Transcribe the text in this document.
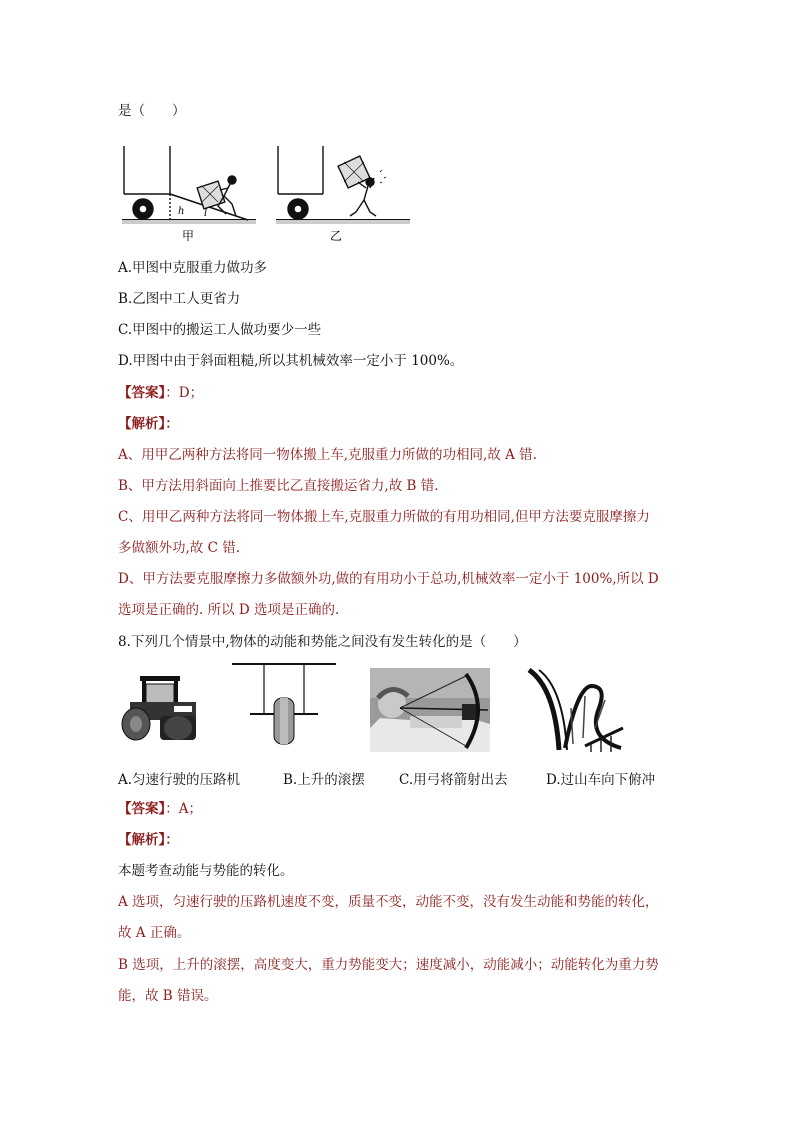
是（　　）
h l
甲	乙
A.甲图中克服重力做功多
B.乙图中工人更省力
C.甲图中的搬运工人做功要少一些
D.甲图中由于斜面粗糙,所以其机械效率一定小于 100%。
【答案】：D；
【解析】：
A、用甲乙两种方法将同一物体搬上车,克服重力所做的功相同,故 A 错.
B、甲方法用斜面向上推要比乙直接搬运省力,故 B 错.
C、用甲乙两种方法将同一物体搬上车,克服重力所做的有用功相同,但甲方法要克服摩擦力
多做额外功,故 C 错.
D、甲方法要克服摩擦力多做额外功,做的有用功小于总功,机械效率一定小于 100%,所以 D
选项是正确的. 所以 D 选项是正确的.
8.下列几个情景中,物体的动能和势能之间没有发生转化的是（　　）
A.匀速行驶的压路机	B.上升的滚摆	C.用弓将箭射出去	D.过山车向下俯冲
【答案】：A；
【解析】：
本题考查动能与势能的转化。
A 选项，匀速行驶的压路机速度不变，质量不变，动能不变，没有发生动能和势能的转化，
故 A 正确。
B 选项，上升的滚摆，高度变大，重力势能变大；速度减小，动能减小；动能转化为重力势
能，故 B 错误。
